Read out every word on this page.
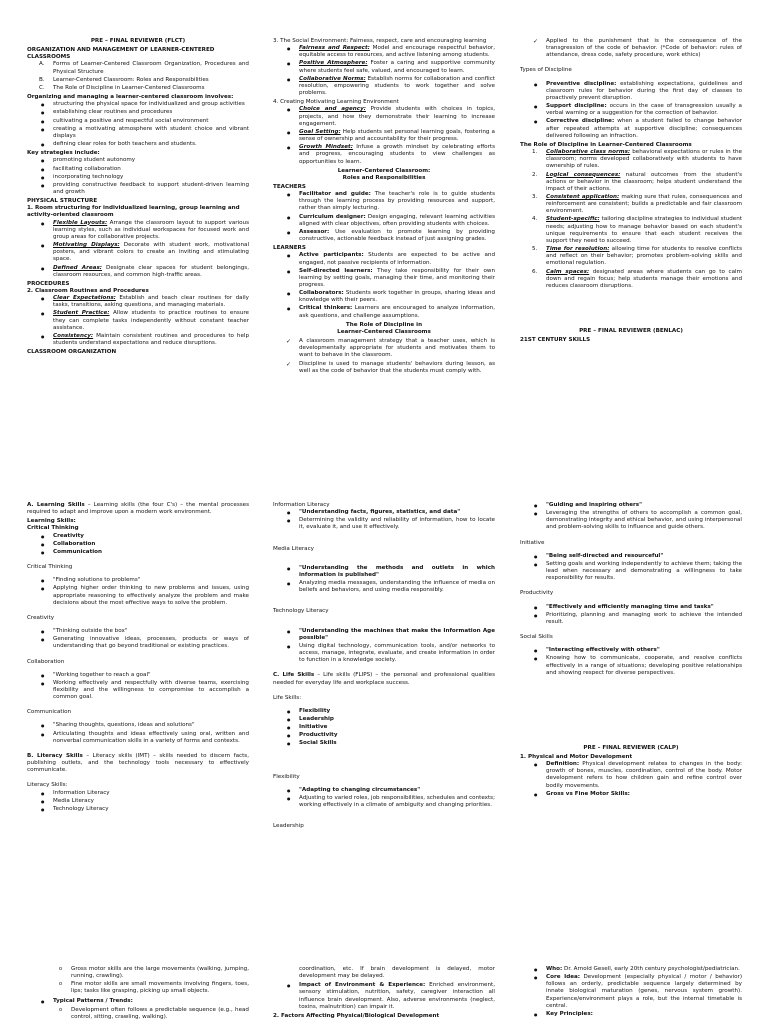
PRE – FINAL REVIEWER (FLCT)
ORGANIZATION AND MANAGEMENT OF LEARNER-CENTERED CLASSROOMS
A. Forms of Learner-Centered Classroom Organization, Procedures and Physical Structure
B. Learner-Centered Classroom: Roles and Responsibilities
C. The Role of Discipline in Learner-Centered Classrooms
Organizing and managing a learner-centered classroom involves:
● structuring the physical space for individualized and group activities
● establishing clear routines and procedures
● cultivating a positive and respectful social environment
● creating a motivating atmosphere with student choice and vibrant displays
● defining clear roles for both teachers and students.
Key strategies include:
● promoting student autonomy
● facilitating collaboration
● incorporating technology
● providing constructive feedback to support student-driven learning and growth
PHYSICAL STRUCTURE
1. Room structuring for individualized learning, group learning and activity-oriented classroom
● Flexible Layouts: Arrange the classroom layout to support various learning styles, such as individual workspaces for focused work and group areas for collaborative projects.
● Motivating Displays: Decorate with student work, motivational posters, and vibrant colors to create an inviting and stimulating space.
● Defined Areas: Designate clear spaces for student belongings, classroom resources, and common high-traffic areas.
PROCEDURES
2. Classroom Routines and Procedures
● Clear Expectations: Establish and teach clear routines for daily tasks, transitions, asking questions, and managing materials.
● Student Practice: Allow students to practice routines to ensure they can complete tasks independently without constant teacher assistance.
● Consistency: Maintain consistent routines and procedures to help students understand expectations and reduce disruptions.
CLASSROOM ORGANIZATION
3. The Social Environment: Fairness, respect, care and encouraging learning
● Fairness and Respect: Model and encourage respectful behavior, equitable access to resources, and active listening among students.
● Positive Atmosphere: Foster a caring and supportive community where students feel safe, valued, and encouraged to learn.
● Collaborative Norms: Establish norms for collaboration and conflict resolution, empowering students to work together and solve problems.
4. Creating Motivating Learning Environment
● Choice and agency: Provide students with choices in topics, projects, and how they demonstrate their learning to increase engagement.
● Goal Setting: Help students set personal learning goals, fostering a sense of ownership and accountability for their progress.
● Growth Mindset: Infuse a growth mindset by celebrating efforts and progress, encouraging students to view challenges as opportunities to learn.
Learner-Centered Classroom:
Roles and Responsibilities
TEACHERS
● Facilitator and guide: The teacher's role is to guide students through the learning process by providing resources and support, rather than simply lecturing.
● Curriculum designer: Design engaging, relevant learning activities aligned with clear objectives, often providing students with choices.
● Assessor: Use evaluation to promote learning by providing constructive, actionable feedback instead of just assigning grades.
LEARNERS
● Active participants: Students are expected to be active and engaged, not passive recipients of information.
● Self-directed learners: They take responsibility for their own learning by setting goals, managing their time, and monitoring their progress.
● Collaborators: Students work together in groups, sharing ideas and knowledge with their peers.
● Critical thinkers: Learners are encouraged to analyze information, ask questions, and challenge assumptions.
The Role of Discipline in
Learner-Centered Classrooms
✓ A classroom management strategy that a teacher uses, which is developmentally appropriate for students and motivates them to want to behave in the classroom.
✓ Discipline is used to manage students' behaviors during lesson, as well as the code of behavior that the students must comply with.
✓ Applied to the punishment that is the consequence of the transgression of the code of behavior. (*Code of behavior: rules of attendance, dress code, safety procedure, work ethics)
Types of Discipline
● Preventive discipline: establishing expectations, guidelines and classroom rules for behavior during the first day of classes to proactively prevent disruption.
● Support discipline: occurs in the case of transgression usually a verbal warning or a suggestion for the correction of behavior.
● Corrective discipline: when a student failed to change behavior after repeated attempts at supportive discipline; consequences delivered following an infraction.
The Role of Discipline in Learner-Centered Classrooms
1. Collaborative class norms: behavioral expectations or rules in the classroom; norms developed collaboratively with students to have ownership of rules.
2. Logical consequences: natural outcomes from the student's actions or behavior in the classroom; helps student understand the impact of their actions.
3. Consistent application: making sure that rules, consequences and reinforcement are consistent; builds a predictable and fair classroom environment.
4. Student-specific: tailoring discipline strategies to individual student needs; adjusting how to manage behavior based on each student's unique requirements to ensure that each student receives the support they need to succeed.
5. Time for resolution: allowing time for students to resolve conflicts and reflect on their behavior; promotes problem-solving skills and emotional regulation.
6. Calm spaces: designated areas where students can go to calm down and regain focus; help students manage their emotions and reduces classroom disruptions.
PRE – FINAL REVIEWER (BENLAC)
21ST CENTURY SKILLS

A. Learning Skills – Learning skills (the four C's) – the mental processes required to adapt and improve upon a modern work environment.

Learning Skills:
Critical Thinking
● Creativity
● Collaboration
● Communication
Critical Thinking
● "Finding solutions to problems"
● Applying higher order thinking to new problems and issues, using appropriate reasoning to effectively analyze the problem and make decisions about the most effective ways to solve the problem.
Creativity
● "Thinking outside the box"
● Generating innovative ideas, processes, products or ways of understanding that go beyond traditional or existing practices.
Collaboration
● "Working together to reach a goal"
● Working effectively and respectfully with diverse teams, exercising flexibility and the willingness to compromise to accomplish a common goal.
Communication
● "Sharing thoughts, questions, ideas and solutions"
● Articulating thoughts and ideas effectively using oral, written and nonverbal communication skills in a variety of forms and contexts.

B. Literacy Skills – Literacy skills (IMT) – skills needed to discern facts, publishing outlets, and the technology tools necessary to effectively communicate.

Literacy Skills:
● Information Literacy
● Media Literacy
● Technology Literacy
Information Literacy
● "Understanding facts, figures, statistics, and data"
● Determining the validity and reliability of information, how to locate it, evaluate it, and use it effectively.
Media Literacy
● "Understanding the methods and outlets in which information is published"
● Analyzing media messages, understanding the influence of media on beliefs and behaviors, and using media responsibly.
Technology Literacy
● "Understanding the machines that make the Information Age possible"
● Using digital technology, communication tools, and/or networks to access, manage, integrate, evaluate, and create information in order to function in a knowledge society.

C. Life Skills – Life skills (FLIPS) – the personal and professional qualities needed for everyday life and workplace success.

Life Skills:
● Flexibility
● Leadership
● Initiative
● Productivity
● Social Skills
Flexibility
● "Adapting to changing circumstances"
● Adjusting to varied roles, job responsibilities, schedules and contexts; working effectively in a climate of ambiguity and changing priorities.
Leadership
● "Guiding and inspiring others"
● Leveraging the strengths of others to accomplish a common goal, demonstrating integrity and ethical behavior, and using interpersonal and problem-solving skills to influence and guide others.
Initiative
● "Being self-directed and resourceful"
● Setting goals and working independently to achieve them; taking the lead when necessary and demonstrating a willingness to take responsibility for results.
Productivity
● "Effectively and efficiently managing time and tasks"
● Prioritizing, planning and managing work to achieve the intended result.
Social Skills
● "Interacting effectively with others"
● Knowing how to communicate, cooperate, and resolve conflicts effectively in a range of situations; developing positive relationships and showing respect for diverse perspectives.
PRE – FINAL REVIEWER (CALP)
1. Physical and Motor Development
● Definition: Physical development relates to changes in the body: growth of bones, muscles, coordination, control of the body. Motor development refers to how children gain and refine control over bodily movements.
● Gross vs Fine Motor Skills:
o Gross motor skills are the large movements (walking, jumping, running, crawling).
o Fine motor skills are small movements involving fingers, toes, lips; tasks like grasping, picking up small objects.
● Typical Patterns / Trends:
o Development often follows a predictable sequence (e.g., head control, sitting, crawling, walking).
coordination, etc. If brain development is delayed, motor development may be delayed.
● Impact of Environment & Experience: Enriched environment, sensory stimulation, nutrition, safety, caregiver interaction all influence brain development. Also, adverse environments (neglect, toxins, malnutrition) can impair it.
2. Factors Affecting Physical/Biological Development
● Who: Dr. Arnold Gesell, early 20th century psychologist/pediatrician.
● Core Idea: Development (especially physical / motor / behavior) follows an orderly, predictable sequence largely determined by innate biological maturation (genes, nervous system growth). Experience/environment plays a role, but the internal timetable is central.
● Key Principles:
